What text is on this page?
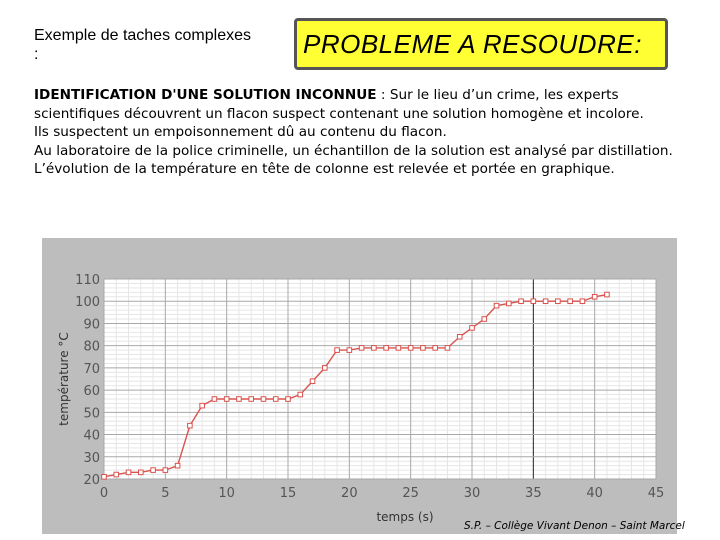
Exemple de taches complexes :	PROBLEME A RESOUDRE:

IDENTIFICATION D'UNE SOLUTION INCONNUE : Sur le lieu d’un crime, les experts scientifiques découvrent un flacon suspect contenant une solution homogène et incolore.

Ils suspectent un empoisonnement dû au contenu du flacon.

Au laboratoire de la police criminelle, un échantillon de la solution est analysé par distillation.

L’évolution de la température en tête de colonne est relevée et portée en graphique.

0	5	10	15	20	25	30	35	40	45
20
30
40
50
60
70
80
90
100
110
temps (s)
température °C
S.P. – Collège Vivant Denon – Saint Marcel
